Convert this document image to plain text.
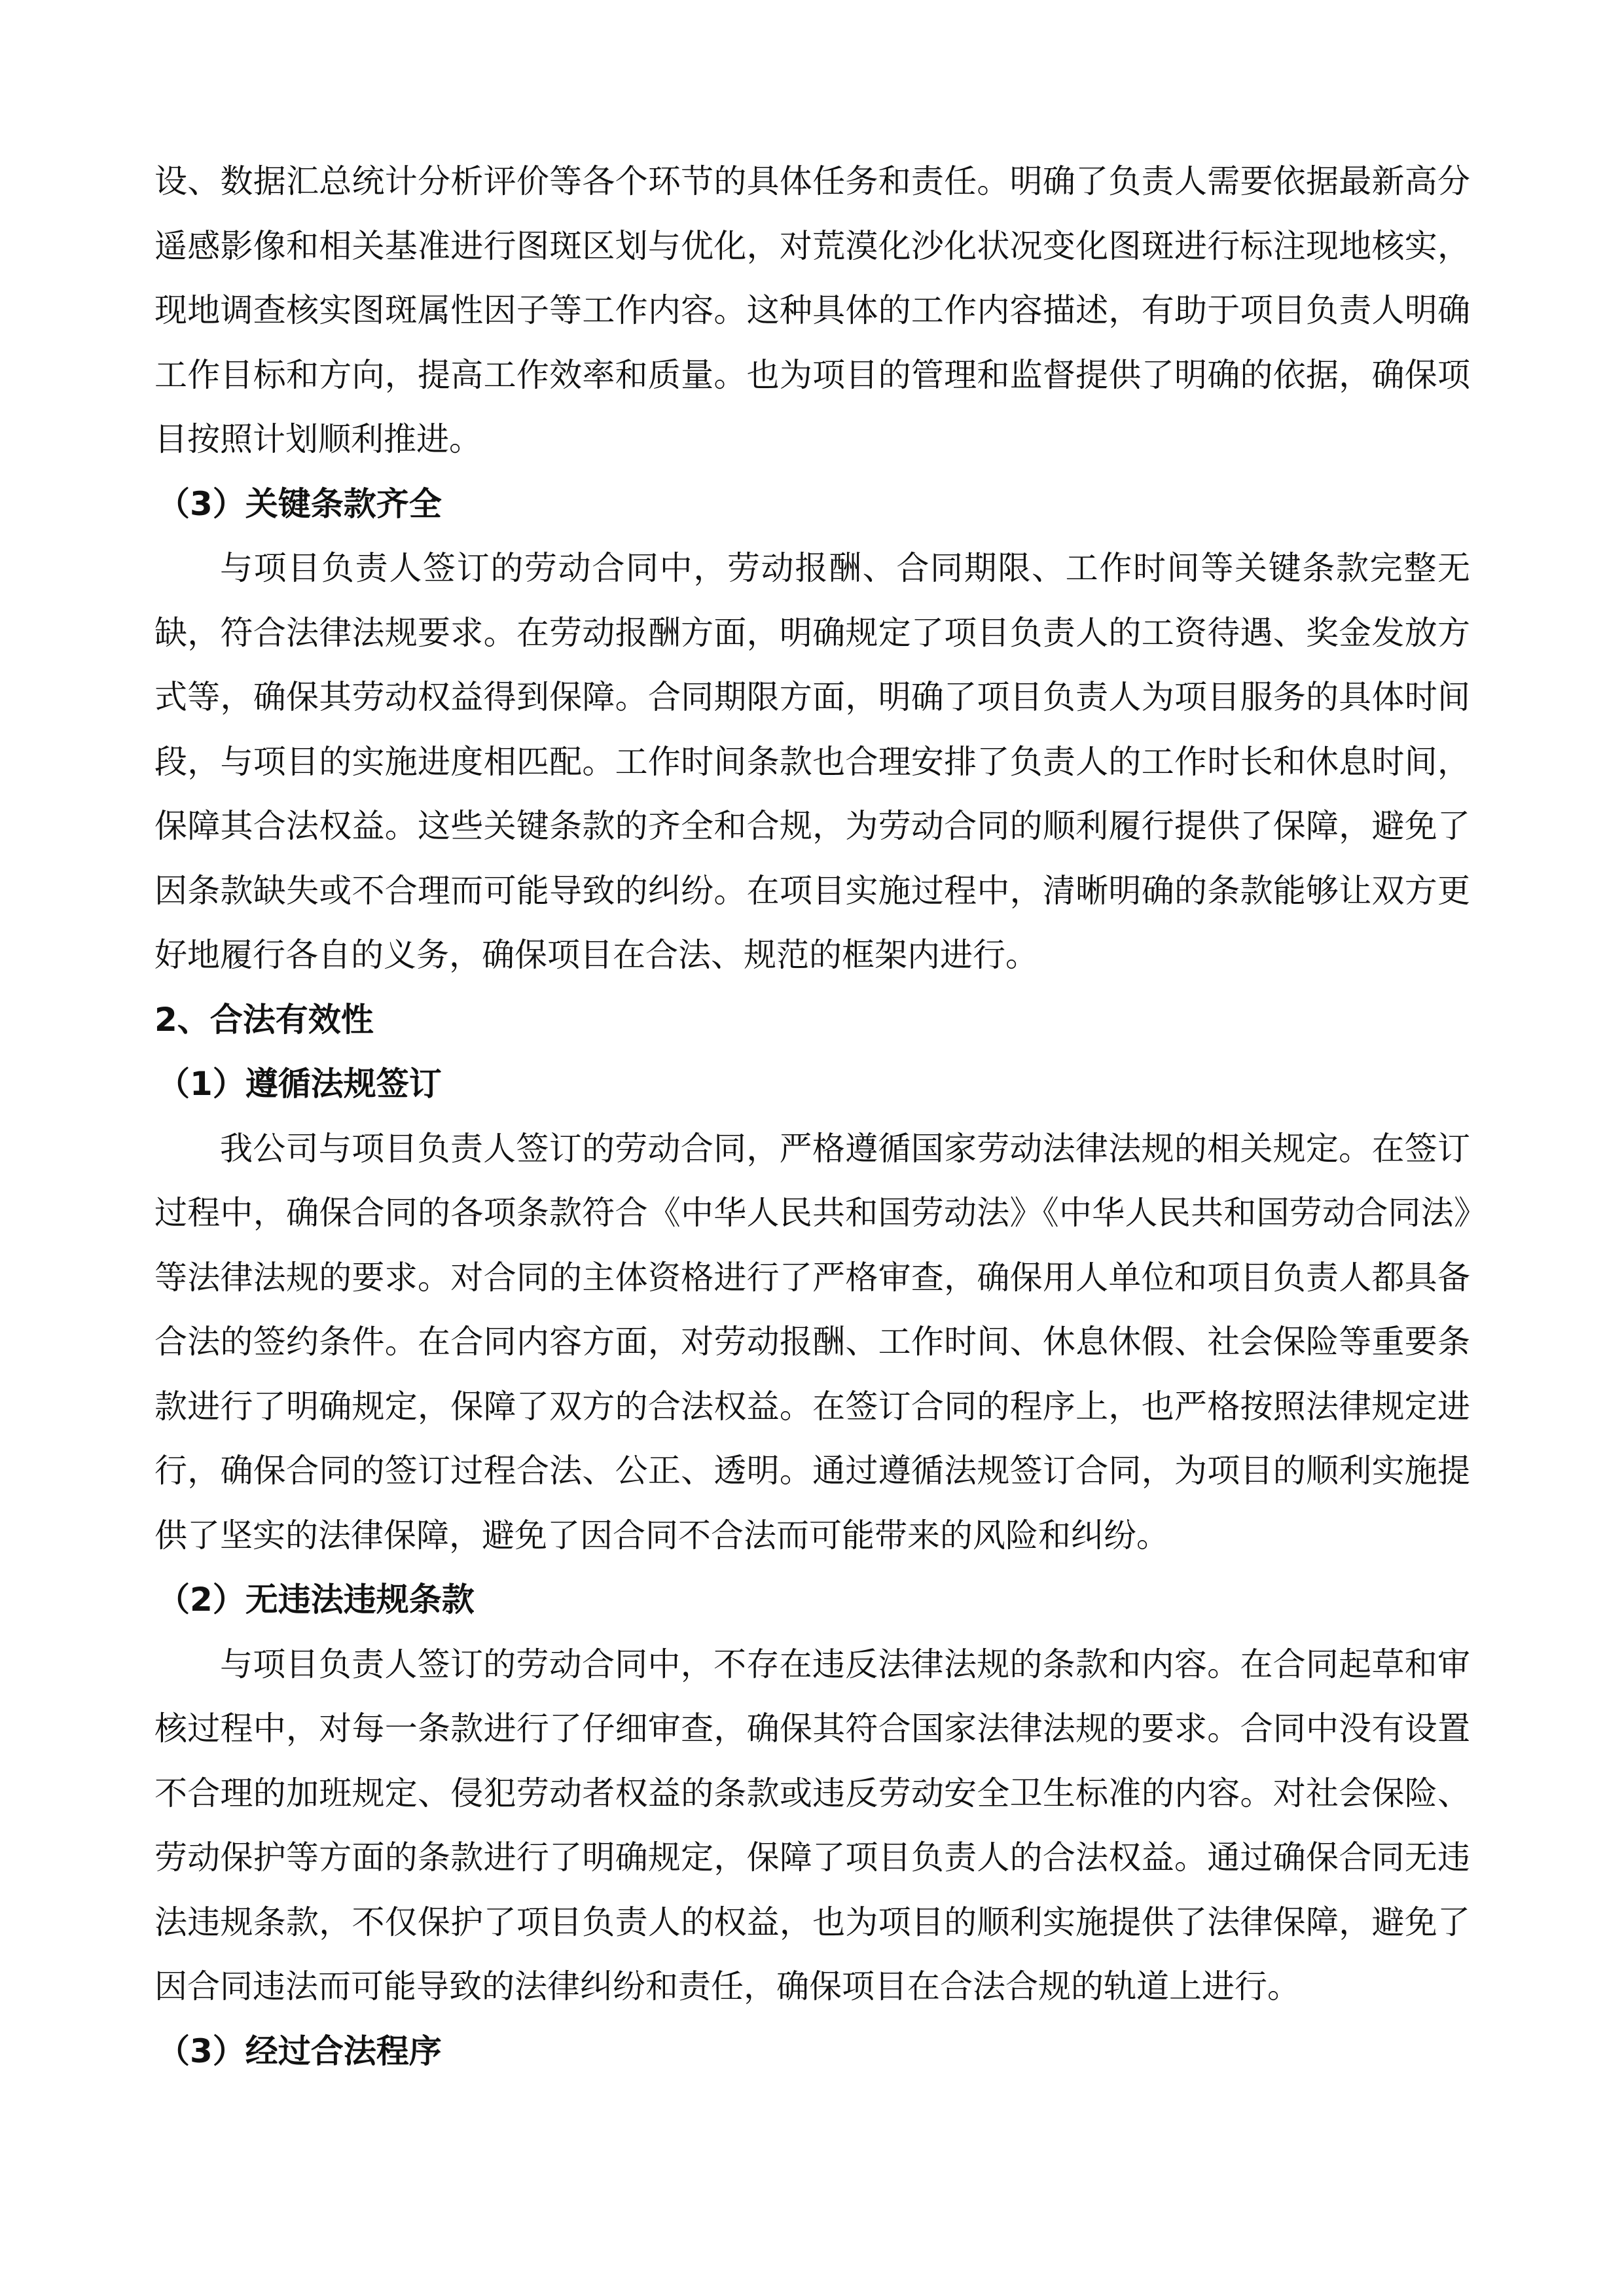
设、数据汇总统计分析评价等各个环节的具体任务和责任。明确了负责人需要依据最新高分遥感影像和相关基准进行图斑区划与优化，对荒漠化沙化状况变化图斑进行标注现地核实，现地调查核实图斑属性因子等工作内容。这种具体的工作内容描述，有助于项目负责人明确工作目标和方向，提高工作效率和质量。也为项目的管理和监督提供了明确的依据，确保项目按照计划顺利推进。

（3）关键条款齐全

与项目负责人签订的劳动合同中，劳动报酬、合同期限、工作时间等关键条款完整无缺，符合法律法规要求。在劳动报酬方面，明确规定了项目负责人的工资待遇、奖金发放方式等，确保其劳动权益得到保障。合同期限方面，明确了项目负责人为项目服务的具体时间段，与项目的实施进度相匹配。工作时间条款也合理安排了负责人的工作时长和休息时间，保障其合法权益。这些关键条款的齐全和合规，为劳动合同的顺利履行提供了保障，避免了因条款缺失或不合理而可能导致的纠纷。在项目实施过程中，清晰明确的条款能够让双方更好地履行各自的义务，确保项目在合法、规范的框架内进行。

2、合法有效性
（1）遵循法规签订

我公司与项目负责人签订的劳动合同，严格遵循国家劳动法律法规的相关规定。在签订过程中，确保合同的各项条款符合《中华人民共和国劳动法》《中华人民共和国劳动合同法》等法律法规的要求。对合同的主体资格进行了严格审查，确保用人单位和项目负责人都具备合法的签约条件。在合同内容方面，对劳动报酬、工作时间、休息休假、社会保险等重要条款进行了明确规定，保障了双方的合法权益。在签订合同的程序上，也严格按照法律规定进行，确保合同的签订过程合法、公正、透明。通过遵循法规签订合同，为项目的顺利实施提供了坚实的法律保障，避免了因合同不合法而可能带来的风险和纠纷。

（2）无违法违规条款

与项目负责人签订的劳动合同中，不存在违反法律法规的条款和内容。在合同起草和审核过程中，对每一条款进行了仔细审查，确保其符合国家法律法规的要求。合同中没有设置不合理的加班规定、侵犯劳动者权益的条款或违反劳动安全卫生标准的内容。对社会保险、劳动保护等方面的条款进行了明确规定，保障了项目负责人的合法权益。通过确保合同无违法违规条款，不仅保护了项目负责人的权益，也为项目的顺利实施提供了法律保障，避免了因合同违法而可能导致的法律纠纷和责任，确保项目在合法合规的轨道上进行。

（3）经过合法程序
